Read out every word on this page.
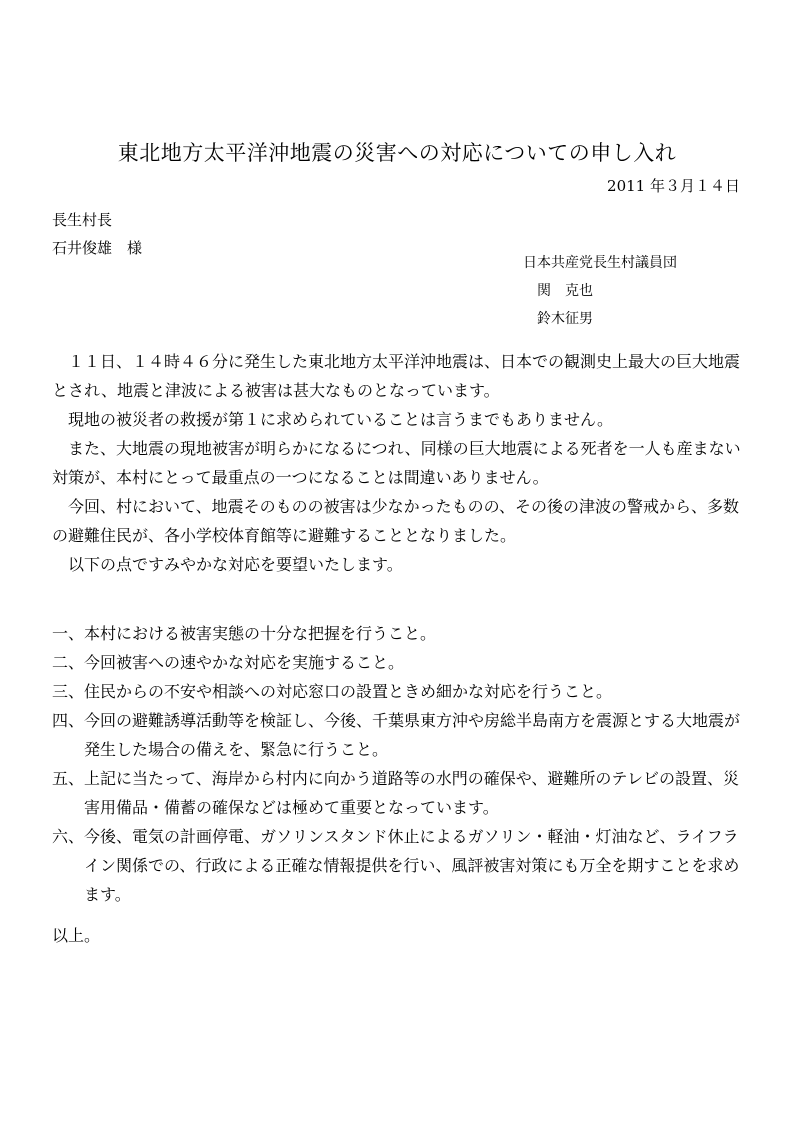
東北地方太平洋沖地震の災害への対応についての申し入れ
2011 年３月１４日
長生村長
石井俊雄　様
日本共産党長生村議員団
関　克也
鈴木征男

　１１日、１４時４６分に発生した東北地方太平洋沖地震は、日本での観測史上最大の巨大地震とされ、地震と津波による被害は甚大なものとなっています。

　現地の被災者の救援が第１に求められていることは言うまでもありません。

　また、大地震の現地被害が明らかになるにつれ、同様の巨大地震による死者を一人も産まない対策が、本村にとって最重点の一つになることは間違いありません。

　今回、村において、地震そのものの被害は少なかったものの、その後の津波の警戒から、多数の避難住民が、各小学校体育館等に避難することとなりました。

　以下の点ですみやかな対応を要望いたします。

一、 本村における被害実態の十分な把握を行うこと。
二、 今回被害への速やかな対応を実施すること。
三、 住民からの不安や相談への対応窓口の設置ときめ細かな対応を行うこと。
四、 今回の避難誘導活動等を検証し、今後、千葉県東方沖や房総半島南方を震源とする大地震が発生した場合の備えを、緊急に行うこと。
五、 上記に当たって、海岸から村内に向かう道路等の水門の確保や、避難所のテレビの設置、災害用備品・備蓄の確保などは極めて重要となっています。
六、 今後、電気の計画停電、ガソリンスタンド休止によるガソリン・軽油・灯油など、ライフライン関係での、行政による正確な情報提供を行い、風評被害対策にも万全を期すことを求めます。
以上。
